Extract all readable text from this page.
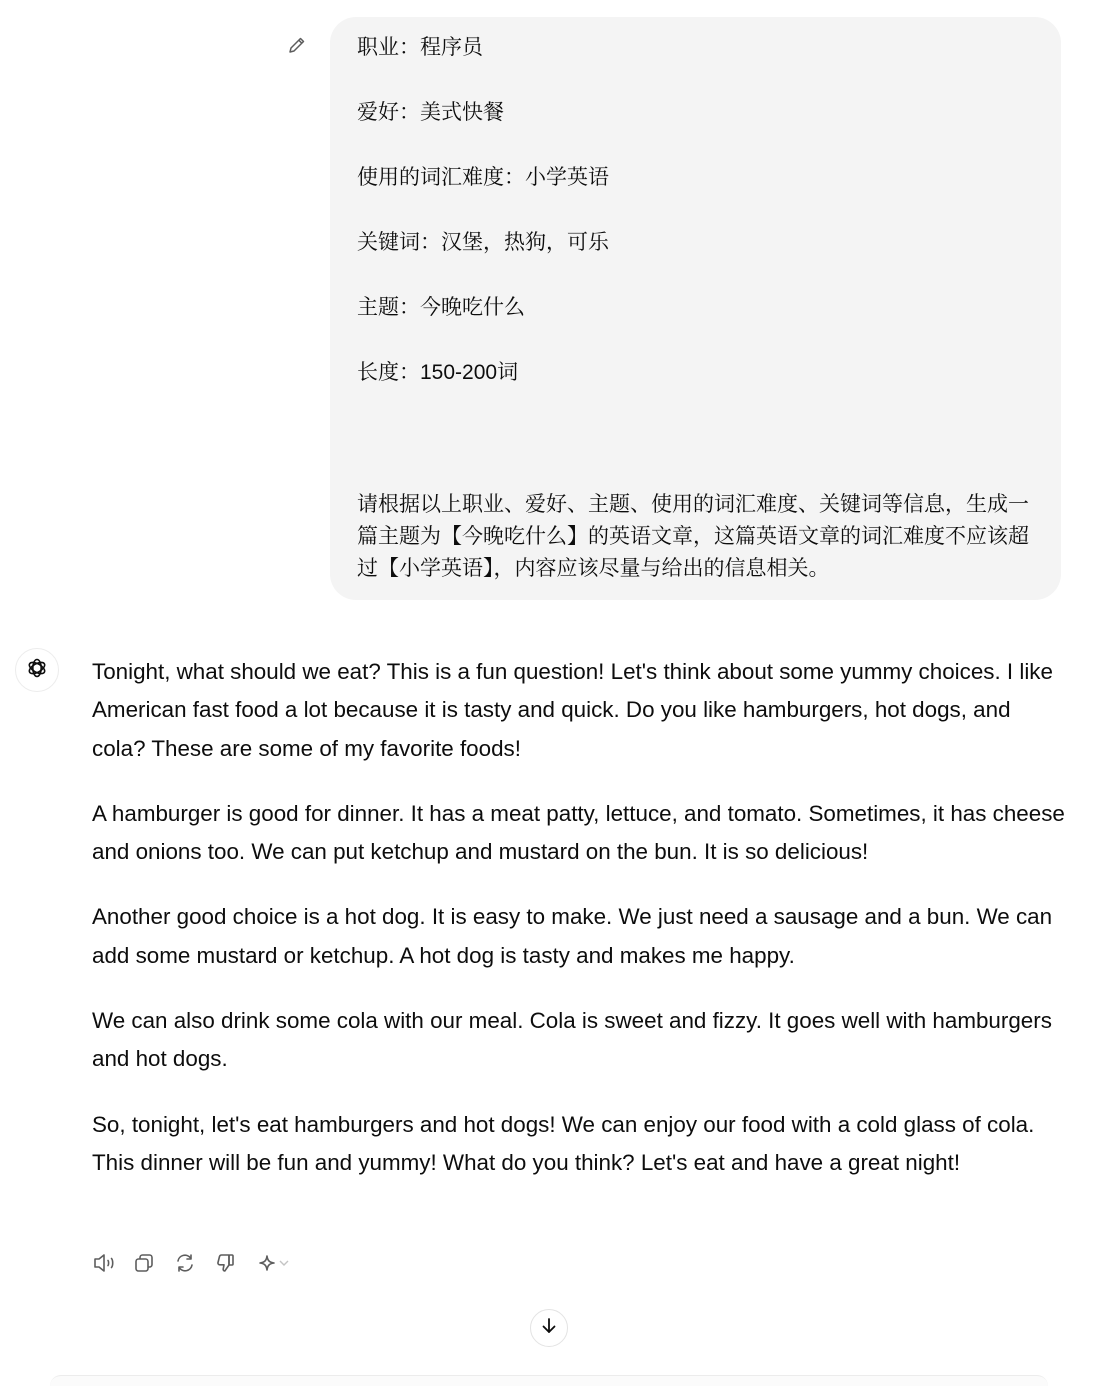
职业：程序员

爱好：美式快餐

使用的词汇难度：小学英语

关键词：汉堡，热狗，可乐

主题：今晚吃什么

长度：150-200词

请根据以上职业、爱好、主题、使用的词汇难度、关键词等信息，生成一篇主题为【今晚吃什么】的英语文章，这篇英语文章的词汇难度不应该超过【小学英语】，内容应该尽量与给出的信息相关。

Tonight, what should we eat? This is a fun question! Let's think about some yummy choices. I like American fast food a lot because it is tasty and quick. Do you like hamburgers, hot dogs, and cola? These are some of my favorite foods!

A hamburger is good for dinner. It has a meat patty, lettuce, and tomato. Sometimes, it has cheese and onions too. We can put ketchup and mustard on the bun. It is so delicious!

Another good choice is a hot dog. It is easy to make. We just need a sausage and a bun. We can add some mustard or ketchup. A hot dog is tasty and makes me happy.

We can also drink some cola with our meal. Cola is sweet and fizzy. It goes well with hamburgers and hot dogs.

So, tonight, let's eat hamburgers and hot dogs! We can enjoy our food with a cold glass of cola. This dinner will be fun and yummy! What do you think? Let's eat and have a great night!
